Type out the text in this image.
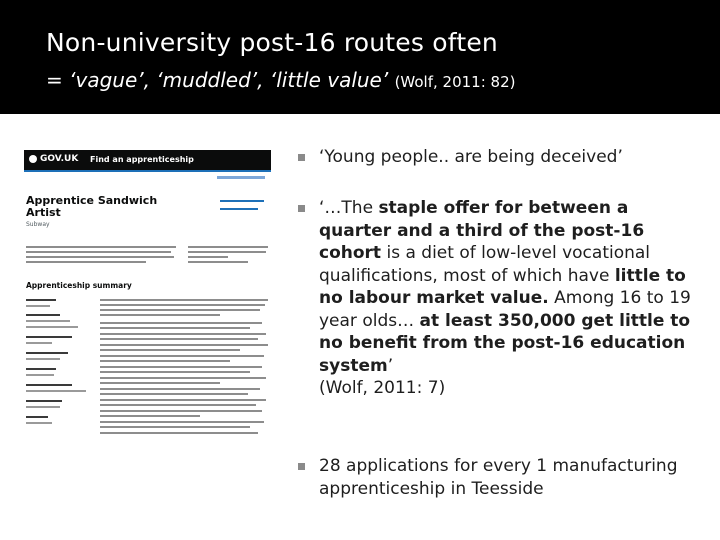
Non-university post-16 routes often
= ‘vague’, ‘muddled’, ‘little value’ (Wolf, 2011: 82)
GOV.UK Find an apprenticeship
Apprentice Sandwich Artist
Subway
Apprenticeship summary
‘Young people.. are being deceived’
‘…The staple offer for between a quarter and a third of the post-16 cohort is a diet of low-level vocational qualifications, most of which have little to no labour market value. Among 16 to 19 year olds… at least 350,000 get little to no benefit from the post-16 education system’
(Wolf, 2011: 7)
28 applications for every 1 manufacturing apprenticeship in Teesside
